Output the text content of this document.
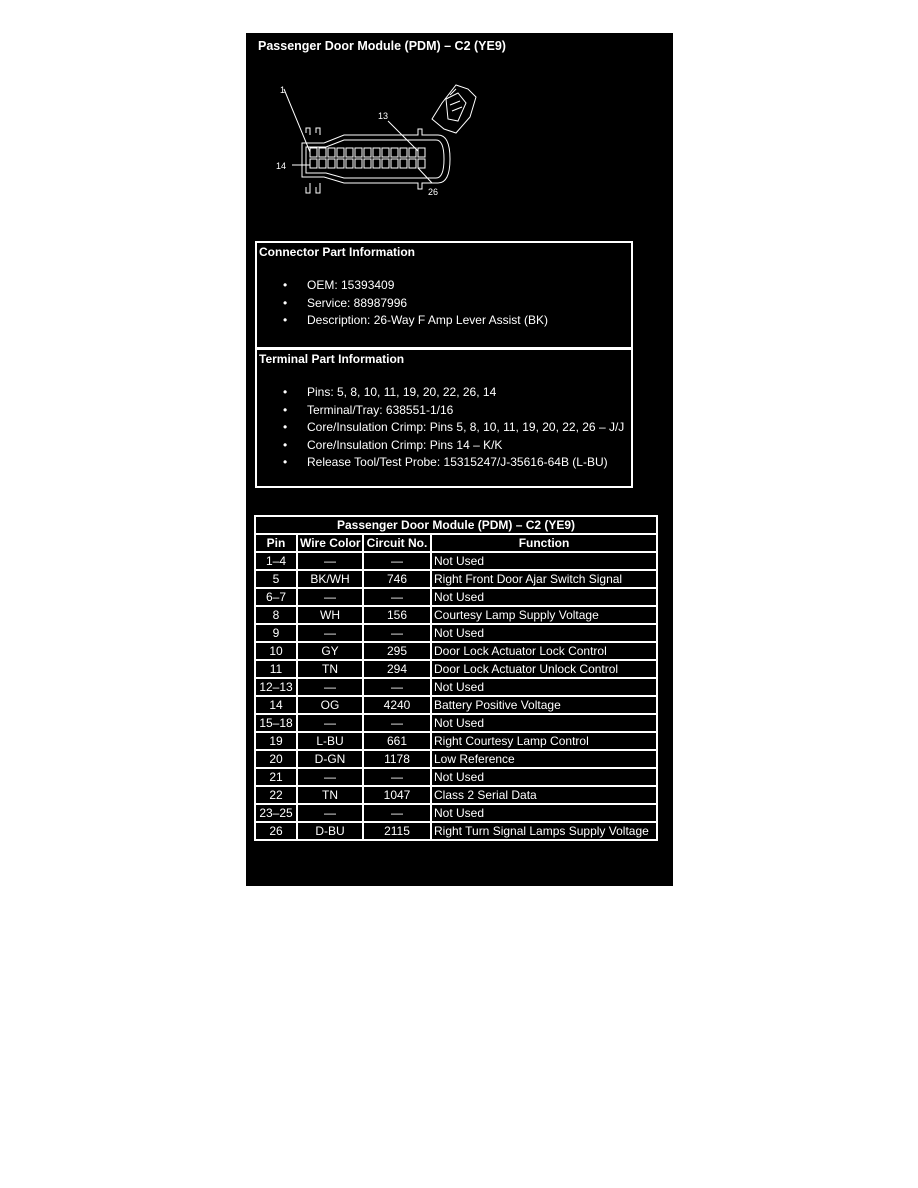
Passenger Door Module (PDM) – C2 (YE9)
1
13
14
26
Connector Part Information
• OEM: 15393409
• Service: 88987996
• Description: 26-Way F Amp Lever Assist (BK)
Terminal Part Information
• Pins: 5, 8, 10, 11, 19, 20, 22, 26, 14
• Terminal/Tray: 638551-1/16
• Core/Insulation Crimp: Pins 5, 8, 10, 11, 19, 20, 22, 26 – J/J
• Core/Insulation Crimp: Pins 14 – K/K
• Release Tool/Test Probe: 15315247/J-35616-64B (L-BU)
Passenger Door Module (PDM) – C2 (YE9)			
Pin	Wire Color	Circuit No.	Function
1–4	—	—	Not Used
5	BK/WH	746	Right Front Door Ajar Switch Signal
6–7	—	—	Not Used
8	WH	156	Courtesy Lamp Supply Voltage
9	—	—	Not Used
10	GY	295	Door Lock Actuator Lock Control
11	TN	294	Door Lock Actuator Unlock Control
12–13	—	—	Not Used
14	OG	4240	Battery Positive Voltage
15–18	—	—	Not Used
19	L-BU	661	Right Courtesy Lamp Control
20	D-GN	1178	Low Reference
21	—	—	Not Used
22	TN	1047	Class 2 Serial Data
23–25	—	—	Not Used
26	D-BU	2115	Right Turn Signal Lamps Supply Voltage
